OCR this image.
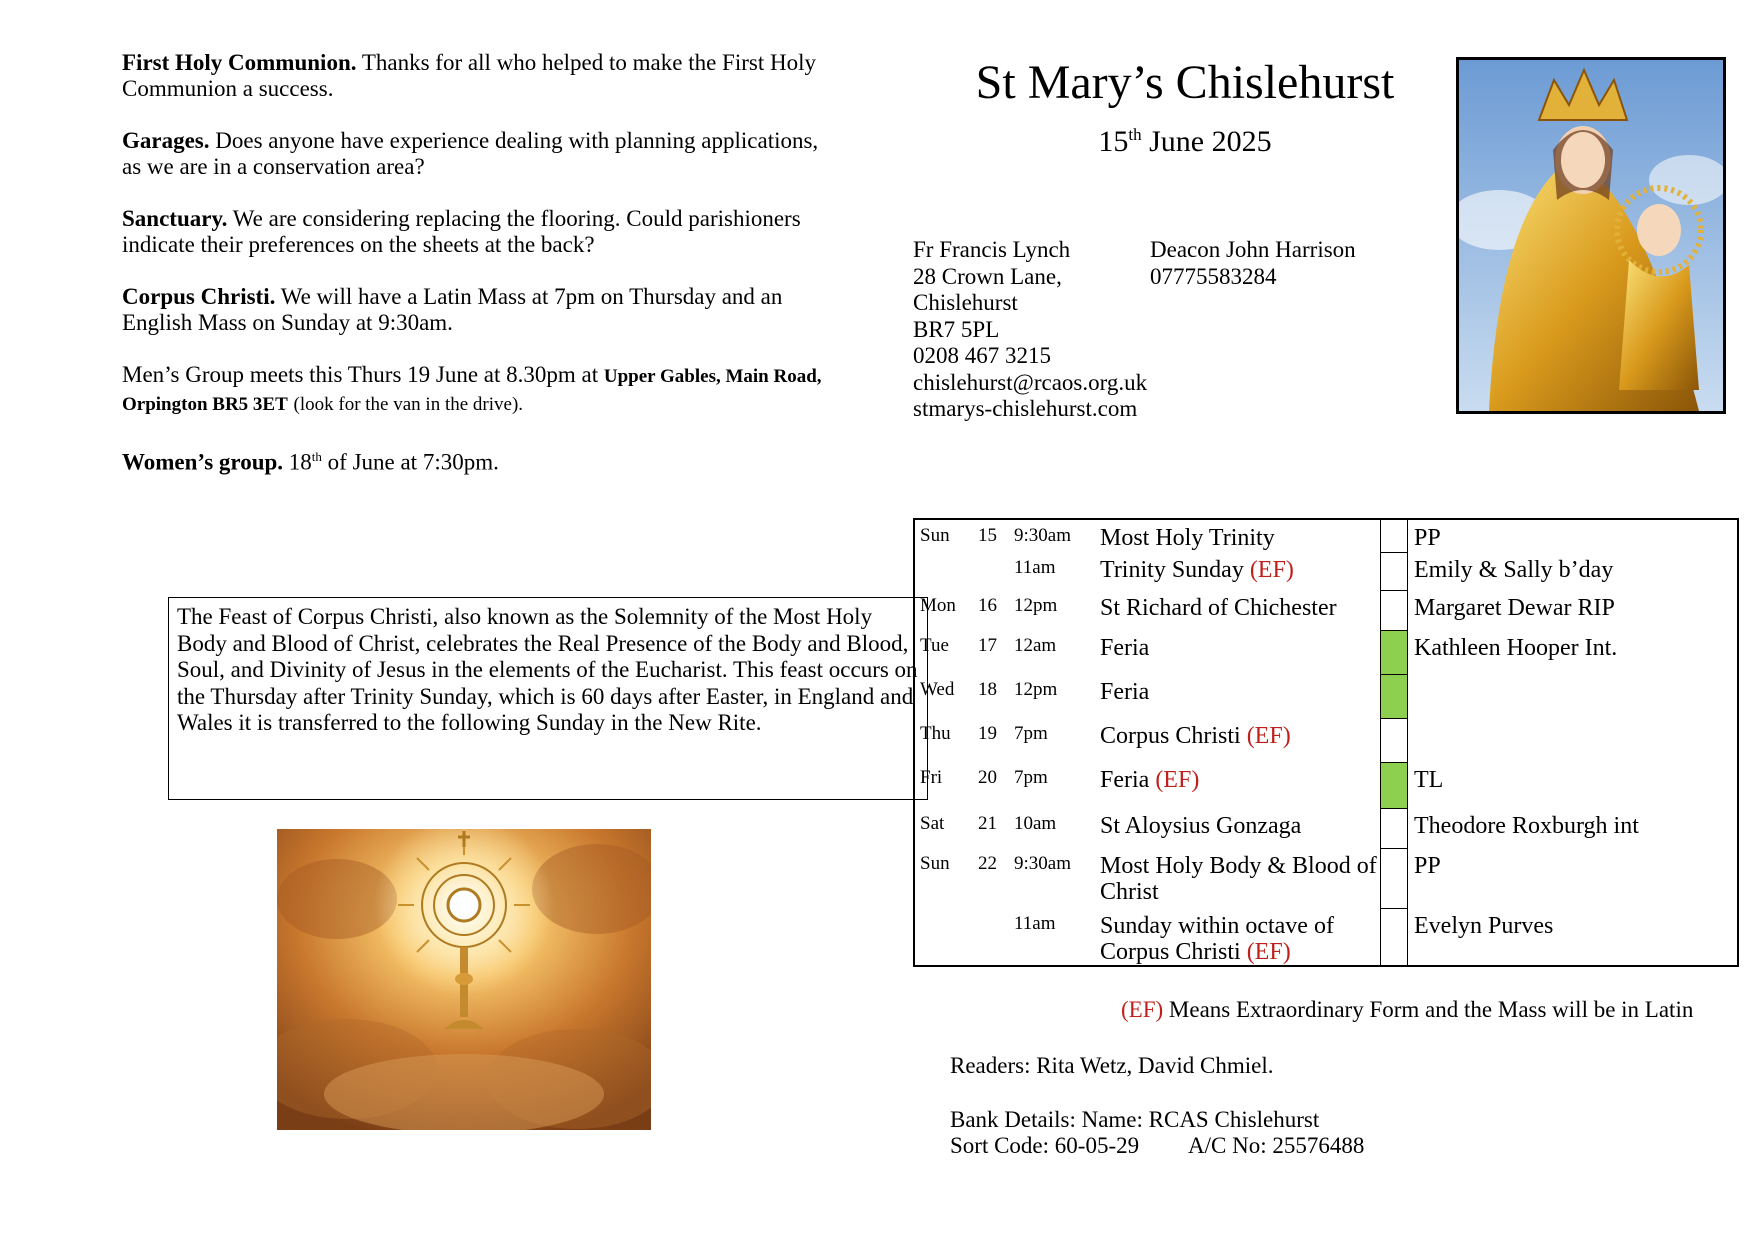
First Holy Communion. Thanks for all who helped to make the First Holy Communion a success.

Garages. Does anyone have experience dealing with planning applications, as we are in a conservation area?

Sanctuary. We are considering replacing the flooring. Could parishioners indicate their preferences on the sheets at the back?

Corpus Christi. We will have a Latin Mass at 7pm on Thursday and an English Mass on Sunday at 9:30am.

Men’s Group meets this Thurs 19 June at 8.30pm at Upper Gables, Main Road, Orpington BR5 3ET (look for the van in the drive).

Women’s group. 18th of June at 7:30pm.

The Feast of Corpus Christi, also known as the Solemnity of the Most Holy Body and Blood of Christ, celebrates the Real Presence of the Body and Blood, Soul, and Divinity of Jesus in the elements of the Eucharist. This feast occurs on the Thursday after Trinity Sunday, which is 60 days after Easter, in England and Wales it is transferred to the following Sunday in the New Rite.
St Mary’s Chislehurst
15th June 2025
Fr Francis Lynch
28 Crown Lane,
Chislehurst
BR7 5PL
0208 467 3215
chislehurst@rcaos.org.uk
stmarys-chislehurst.com
Deacon John Harrison
07775583284
Sun	15	9:30am	Most Holy Trinity		PP
		11am	Trinity Sunday (EF)		Emily & Sally b’day
Mon	16	12pm	St Richard of Chichester		Margaret Dewar RIP
Tue	17	12am	Feria		Kathleen Hooper Int.
Wed	18	12pm	Feria		
Thu	19	7pm	Corpus Christi (EF)		
Fri	20	7pm	Feria (EF)		TL
Sat	21	10am	St Aloysius Gonzaga		Theodore Roxburgh int
Sun	22	9:30am	Most Holy Body & Blood of Christ		PP
		11am	Sunday within octave of Corpus Christi (EF)		Evelyn Purves
(EF) Means Extraordinary Form and the Mass will be in Latin
Readers: Rita Wetz, David Chmiel.
Bank Details: Name: RCAS Chislehurst
Sort Code: 60-05-29 A/C No: 25576488
